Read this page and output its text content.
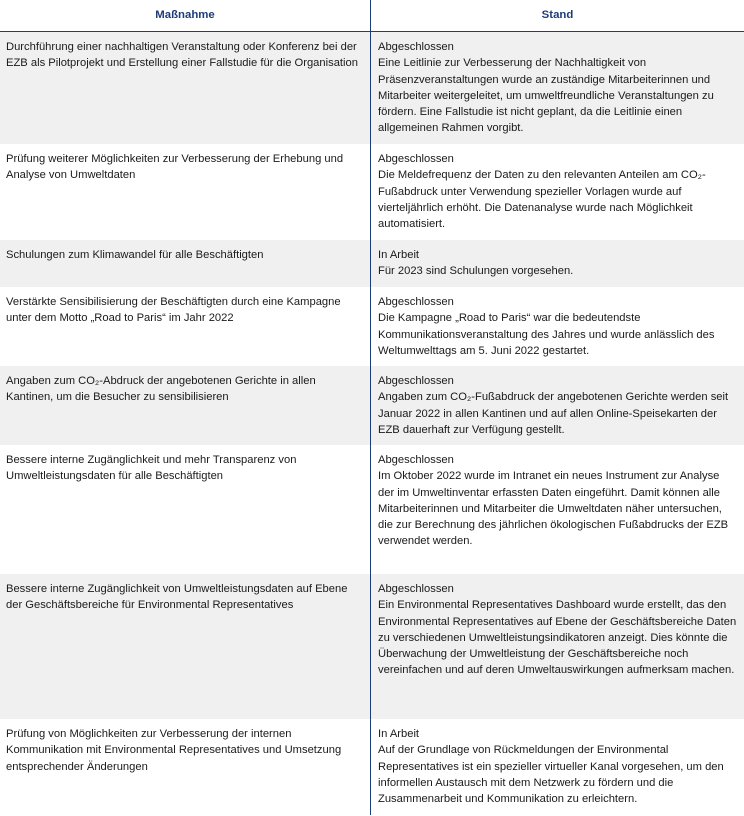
Maßnahme	Stand
Durchführung einer nachhaltigen Veranstaltung oder Konferenz bei der EZB als Pilotprojekt und Erstellung einer Fallstudie für die Organisation
Abgeschlossen
Eine Leitlinie zur Verbesserung der Nachhaltigkeit von Präsenzveranstaltungen wurde an zuständige Mitarbeiterinnen und Mitarbeiter weitergeleitet, um umweltfreundliche Veranstaltungen zu fördern. Eine Fallstudie ist nicht geplant, da die Leitlinie einen allgemeinen Rahmen vorgibt.
Prüfung weiterer Möglichkeiten zur Verbesserung der Erhebung und Analyse von Umweltdaten
Abgeschlossen
Die Meldefrequenz der Daten zu den relevanten Anteilen am CO₂-Fußabdruck unter Verwendung spezieller Vorlagen wurde auf vierteljährlich erhöht. Die Datenanalyse wurde nach Möglichkeit automatisiert.
Schulungen zum Klimawandel für alle Beschäftigten	In Arbeit
Für 2023 sind Schulungen vorgesehen.
Verstärkte Sensibilisierung der Beschäftigten durch eine Kampagne unter dem Motto „Road to Paris“ im Jahr 2022
Abgeschlossen
Die Kampagne „Road to Paris“ war die bedeutendste Kommunikationsveranstaltung des Jahres und wurde anlässlich des Weltumwelttags am 5. Juni 2022 gestartet.
Angaben zum CO₂-Abdruck der angebotenen Gerichte in allen Kantinen, um die Besucher zu sensibilisieren
Abgeschlossen
Angaben zum CO₂-Fußabdruck der angebotenen Gerichte werden seit Januar 2022 in allen Kantinen und auf allen Online-Speisekarten der EZB dauerhaft zur Verfügung gestellt.
Bessere interne Zugänglichkeit und mehr Transparenz von Umweltleistungsdaten für alle Beschäftigten
Abgeschlossen
Im Oktober 2022 wurde im Intranet ein neues Instrument zur Analyse der im Umweltinventar erfassten Daten eingeführt. Damit können alle Mitarbeiterinnen und Mitarbeiter die Umweltdaten näher untersuchen, die zur Berechnung des jährlichen ökologischen Fußabdrucks der EZB verwendet werden.
Bessere interne Zugänglichkeit von Umweltleistungsdaten auf Ebene der Geschäftsbereiche für Environmental Representatives
Abgeschlossen
Ein Environmental Representatives Dashboard wurde erstellt, das den Environmental Representatives auf Ebene der Geschäftsbereiche Daten zu verschiedenen Umweltleistungsindikatoren anzeigt. Dies könnte die Überwachung der Umweltleistung der Geschäftsbereiche noch vereinfachen und auf deren Umweltauswirkungen aufmerksam machen.
Prüfung von Möglichkeiten zur Verbesserung der internen Kommunikation mit Environmental Representatives und Umsetzung entsprechender Änderungen
In Arbeit
Auf der Grundlage von Rückmeldungen der Environmental Representatives ist ein spezieller virtueller Kanal vorgesehen, um den informellen Austausch mit dem Netzwerk zu fördern und die Zusammenarbeit und Kommunikation zu erleichtern.
